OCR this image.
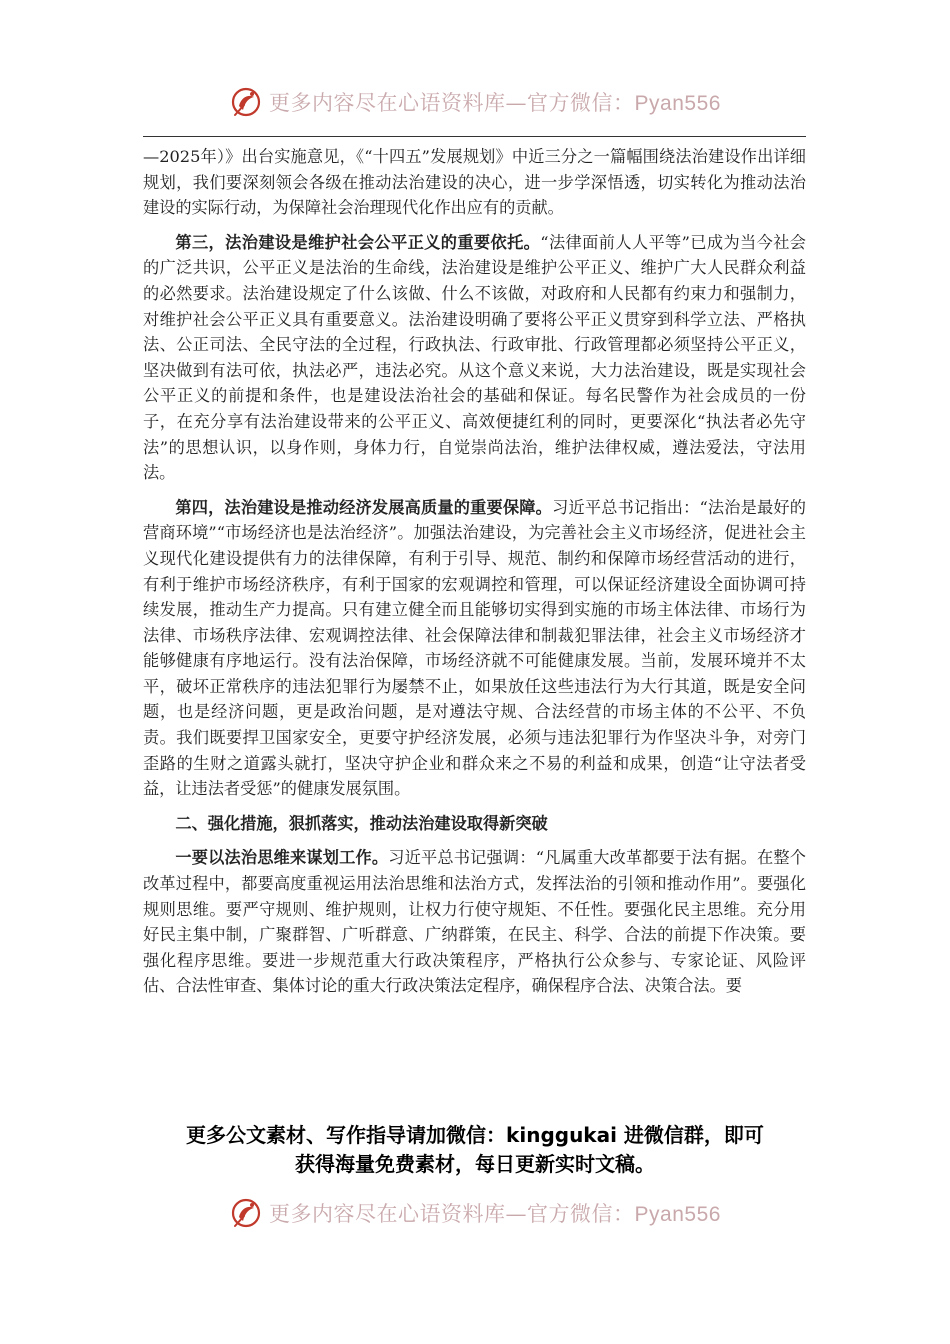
更多内容尽在心语资料库—官方微信：Pyan556

—2025年）》出台实施意见，《“十四五”发展规划》中近三分之一篇幅围绕法治建设作出详细规划，我们要深刻领会各级在推动法治建设的决心，进一步学深悟透，切实转化为推动法治建设的实际行动，为保障社会治理现代化作出应有的贡献。

第三，法治建设是维护社会公平正义的重要依托。“法律面前人人平等”已成为当今社会的广泛共识，公平正义是法治的生命线，法治建设是维护公平正义、维护广大人民群众利益的必然要求。法治建设规定了什么该做、什么不该做，对政府和人民都有约束力和强制力，对维护社会公平正义具有重要意义。法治建设明确了要将公平正义贯穿到科学立法、严格执法、公正司法、全民守法的全过程，行政执法、行政审批、行政管理都必须坚持公平正义，坚决做到有法可依，执法必严，违法必究。从这个意义来说，大力法治建设，既是实现社会公平正义的前提和条件，也是建设法治社会的基础和保证。每名民警作为社会成员的一份子，在充分享有法治建设带来的公平正义、高效便捷红利的同时，更要深化“执法者必先守法”的思想认识，以身作则，身体力行，自觉崇尚法治，维护法律权威，遵法爱法，守法用法。

第四，法治建设是推动经济发展高质量的重要保障。习近平总书记指出：“法治是最好的营商环境”“市场经济也是法治经济”。加强法治建设，为完善社会主义市场经济，促进社会主义现代化建设提供有力的法律保障，有利于引导、规范、制约和保障市场经营活动的进行，有利于维护市场经济秩序，有利于国家的宏观调控和管理，可以保证经济建设全面协调可持续发展，推动生产力提高。只有建立健全而且能够切实得到实施的市场主体法律、市场行为法律、市场秩序法律、宏观调控法律、社会保障法律和制裁犯罪法律，社会主义市场经济才能够健康有序地运行。没有法治保障，市场经济就不可能健康发展。当前，发展环境并不太平，破坏正常秩序的违法犯罪行为屡禁不止，如果放任这些违法行为大行其道，既是安全问题，也是经济问题，更是政治问题，是对遵法守规、合法经营的市场主体的不公平、不负责。我们既要捍卫国家安全，更要守护经济发展，必须与违法犯罪行为作坚决斗争，对旁门歪路的生财之道露头就打，坚决守护企业和群众来之不易的利益和成果，创造“让守法者受益，让违法者受惩”的健康发展氛围。

二、强化措施，狠抓落实，推动法治建设取得新突破

一要以法治思维来谋划工作。习近平总书记强调：“凡属重大改革都要于法有据。在整个改革过程中，都要高度重视运用法治思维和法治方式，发挥法治的引领和推动作用”。要强化规则思维。要严守规则、维护规则，让权力行使守规矩、不任性。要强化民主思维。充分用好民主集中制，广聚群智、广听群意、广纳群策，在民主、科学、合法的前提下作决策。要强化程序思维。要进一步规范重大行政决策程序，严格执行公众参与、专家论证、风险评估、合法性审查、集体讨论的重大行政决策法定程序，确保程序合法、决策合法。要

更多公文素材、写作指导请加微信：kinggukai 进微信群，即可
获得海量免费素材，每日更新实时文稿。
更多内容尽在心语资料库—官方微信：Pyan556
